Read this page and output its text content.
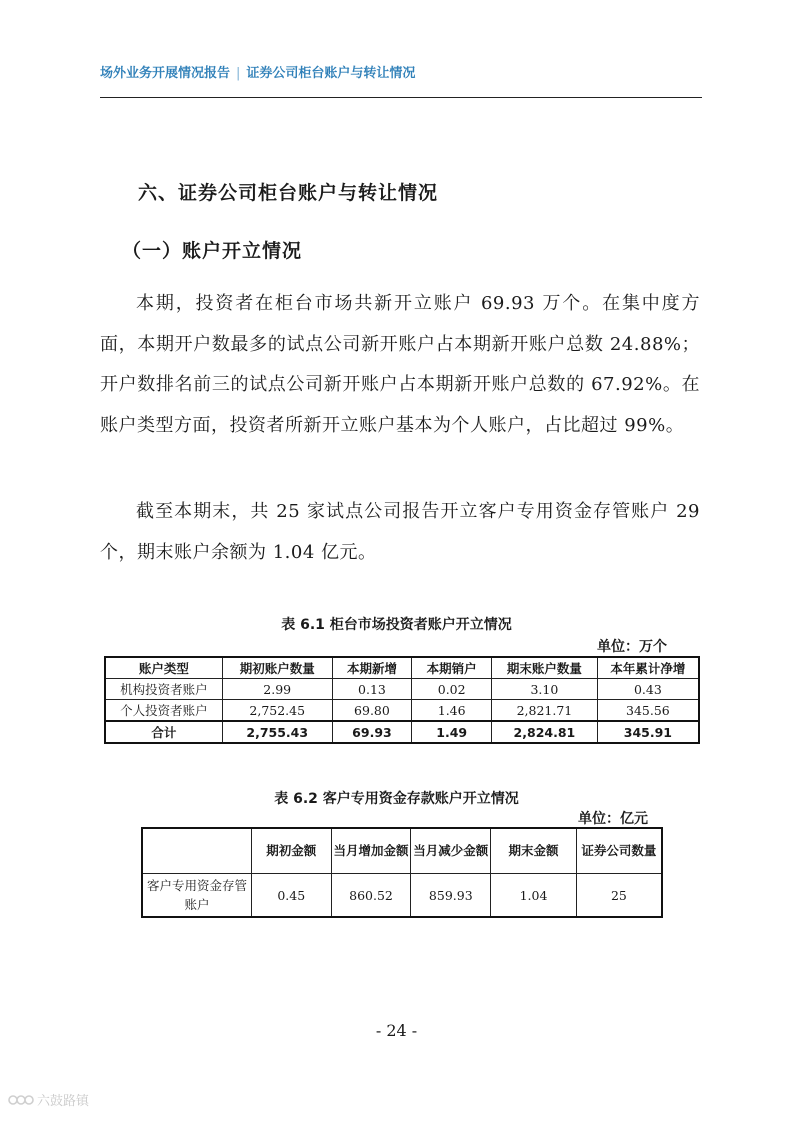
场外业务开展情况报告 | 证券公司柜台账户与转让情况
六、证券公司柜台账户与转让情况
（一）账户开立情况
本期，投资者在柜台市场共新开立账户 69.93 万个。在集中度方面，本期开户数最多的试点公司新开账户占本期新开账户总数 24.88%；开户数排名前三的试点公司新开账户占本期新开账户总数的 67.92%。在账户类型方面，投资者所新开立账户基本为个人账户，占比超过 99%。
截至本期末，共 25 家试点公司报告开立客户专用资金存管账户 29 个，期末账户余额为 1.04 亿元。
表 6.1 柜台市场投资者账户开立情况
单位：万个
账户类型	期初账户数量	本期新增	本期销户	期末账户数量	本年累计净增
机构投资者账户	2.99	0.13	0.02	3.10	0.43
个人投资者账户	2,752.45	69.80	1.46	2,821.71	345.56
合计	2,755.43	69.93	1.49	2,824.81	345.91
表 6.2 客户专用资金存款账户开立情况
单位：亿元
	期初金额	当月增加金额	当月减少金额	期末金额	证券公司数量
客户专用资金存管账户	0.45	860.52	859.93	1.04	25
- 24 -
六鼓路镇
